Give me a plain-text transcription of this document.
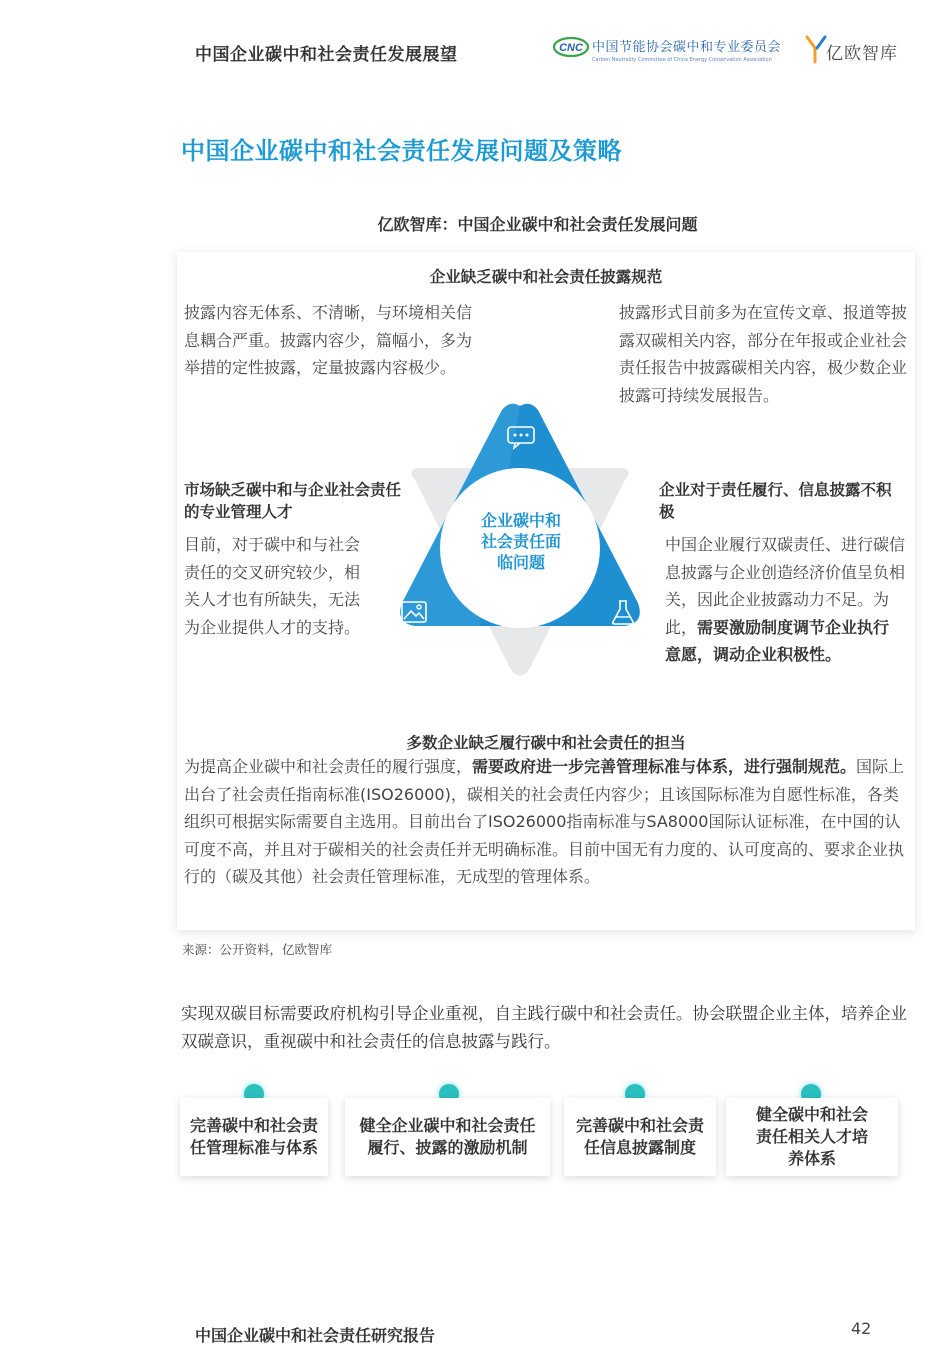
中国企业碳中和社会责任发展展望	CNC 中国节能协会碳中和专业委员会
Carbon Neutrality Committee of China Energy Conservation Association	亿欧智库
中国企业碳中和社会责任发展问题及策略
亿欧智库：中国企业碳中和社会责任发展问题
企业缺乏碳中和社会责任披露规范
披露内容无体系、不清晰，与环境相关信息耦合严重。披露内容少，篇幅小，多为举措的定性披露，定量披露内容极少。
披露形式目前多为在宣传文章、报道等披露双碳相关内容，部分在年报或企业社会责任报告中披露碳相关内容，极少数企业披露可持续发展报告。
企业碳中和社会责任面临问题
市场缺乏碳中和与企业社会责任的专业管理人才
目前，对于碳中和与社会责任的交叉研究较少，相关人才也有所缺失，无法为企业提供人才的支持。
企业对于责任履行、信息披露不积极
中国企业履行双碳责任、进行碳信息披露与企业创造经济价值呈负相关，因此企业披露动力不足。为此，需要激励制度调节企业执行意愿，调动企业积极性。
多数企业缺乏履行碳中和社会责任的担当
为提高企业碳中和社会责任的履行强度，需要政府进一步完善管理标准与体系，进行强制规范。国际上出台了社会责任指南标准(ISO26000)，碳相关的社会责任内容少；且该国际标准为自愿性标准，各类组织可根据实际需要自主选用。目前出台了ISO26000指南标准与SA8000国际认证标准，在中国的认可度不高，并且对于碳相关的社会责任并无明确标准。目前中国无有力度的、认可度高的、要求企业执行的（碳及其他）社会责任管理标准，无成型的管理体系。
来源：公开资料，亿欧智库
实现双碳目标需要政府机构引导企业重视，自主践行碳中和社会责任。协会联盟企业主体，培养企业双碳意识，重视碳中和社会责任的信息披露与践行。
完善碳中和社会责任管理标准与体系
健全企业碳中和社会责任履行、披露的激励机制
完善碳中和社会责任信息披露制度
健全碳中和社会责任相关人才培养体系
中国企业碳中和社会责任研究报告	42
